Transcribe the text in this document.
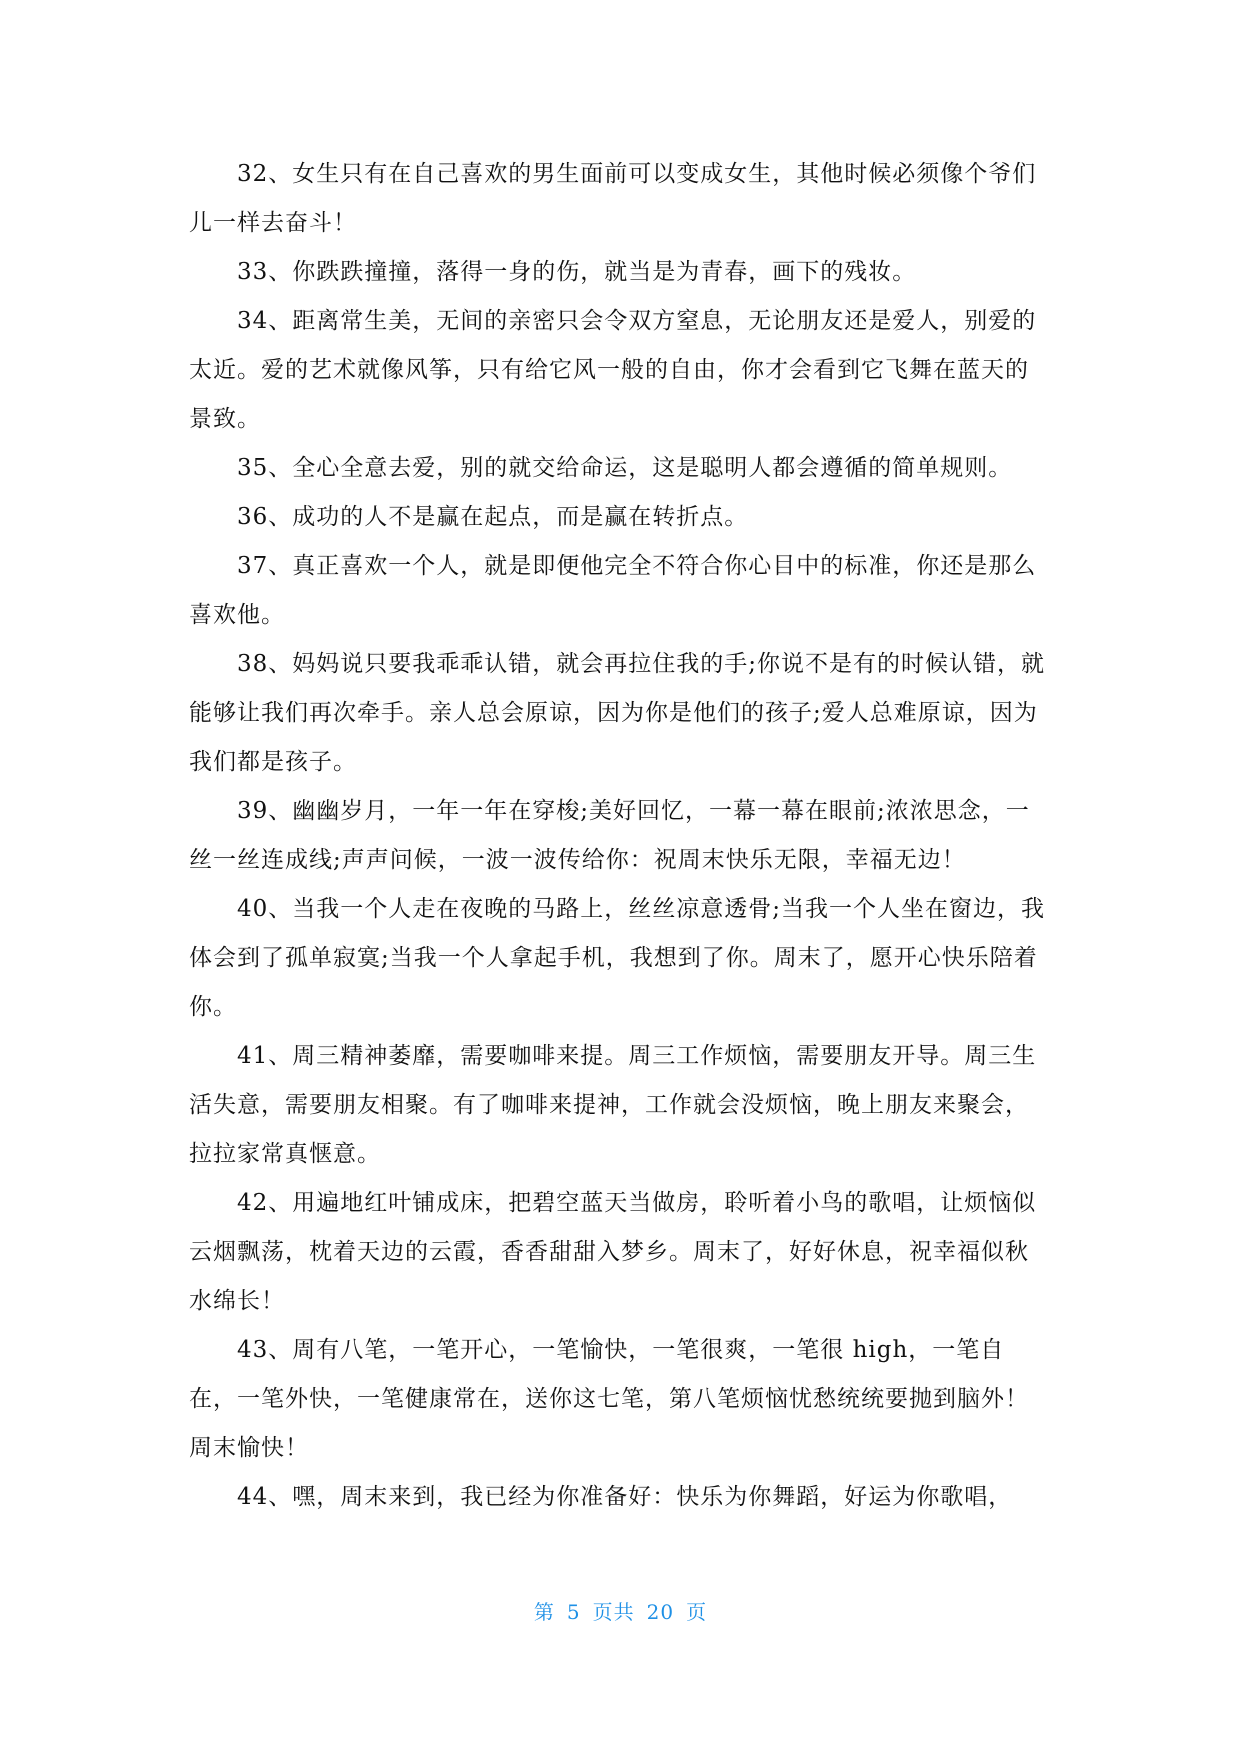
32、女生只有在自己喜欢的男生面前可以变成女生，其他时候必须像个爷们儿一样去奋斗！

33、你跌跌撞撞，落得一身的伤，就当是为青春，画下的残妆。

34、距离常生美，无间的亲密只会令双方窒息，无论朋友还是爱人，别爱的太近。爱的艺术就像风筝，只有给它风一般的自由，你才会看到它飞舞在蓝天的景致。

35、全心全意去爱，别的就交给命运，这是聪明人都会遵循的简单规则。

36、成功的人不是赢在起点，而是赢在转折点。

37、真正喜欢一个人，就是即便他完全不符合你心目中的标准，你还是那么喜欢他。

38、妈妈说只要我乖乖认错，就会再拉住我的手;你说不是有的时候认错，就能够让我们再次牵手。亲人总会原谅，因为你是他们的孩子;爱人总难原谅，因为我们都是孩子。

39、幽幽岁月，一年一年在穿梭;美好回忆，一幕一幕在眼前;浓浓思念，一丝一丝连成线;声声问候，一波一波传给你：祝周末快乐无限，幸福无边！

40、当我一个人走在夜晚的马路上，丝丝凉意透骨;当我一个人坐在窗边，我体会到了孤单寂寞;当我一个人拿起手机，我想到了你。周末了，愿开心快乐陪着你。

41、周三精神萎靡，需要咖啡来提。周三工作烦恼，需要朋友开导。周三生活失意，需要朋友相聚。有了咖啡来提神，工作就会没烦恼，晚上朋友来聚会，拉拉家常真惬意。

42、用遍地红叶铺成床，把碧空蓝天当做房，聆听着小鸟的歌唱，让烦恼似云烟飘荡，枕着天边的云霞，香香甜甜入梦乡。周末了，好好休息，祝幸福似秋水绵长！

43、周有八笔，一笔开心，一笔愉快，一笔很爽，一笔很 high，一笔自在，一笔外快，一笔健康常在，送你这七笔，第八笔烦恼忧愁统统要抛到脑外！周末愉快！

44、嘿，周末来到，我已经为你准备好：快乐为你舞蹈，好运为你歌唱，

第 5 页共 20 页
